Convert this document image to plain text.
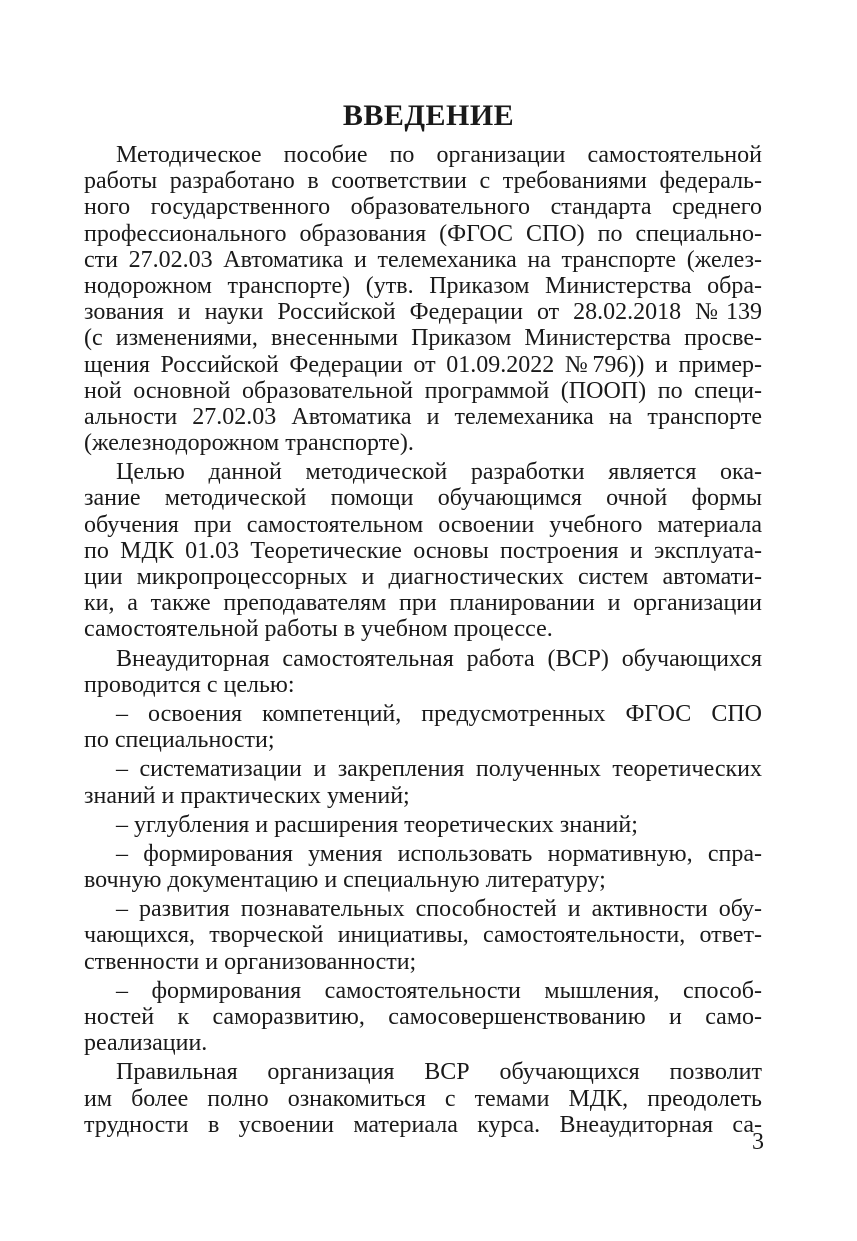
ВВЕДЕНИЕ
Методическое пособие по организации самостоятельной
работы разработано в соответствии с требованиями федераль-
ного государственного образовательного стандарта среднего
профессионального образования (ФГОС СПО) по специально-
сти 27.02.03 Автоматика и телемеханика на транспорте (желез-
нодорожном транспорте) (утв. Приказом Министерства обра-
зования и науки Российской Федерации от 28.02.2018 №139
(с изменениями, внесенными Приказом Министерства просве-
щения Российской Федерации от 01.09.2022 №796)) и пример-
ной основной образовательной программой (ПООП) по специ-
альности 27.02.03 Автоматика и телемеханика на транспорте
(железнодорожном транспорте).
Целью данной методической разработки является ока-
зание методической помощи обучающимся очной формы
обучения при самостоятельном освоении учебного материала
по МДК 01.03 Теоретические основы построения и эксплуата-
ции микропроцессорных и диагностических систем автомати-
ки, а также преподавателям при планировании и организации
самостоятельной работы в учебном процессе.
Внеаудиторная самостоятельная работа (ВСР) обучающихся
проводится с целью:
– освоения компетенций, предусмотренных ФГОС СПО
по специальности;
– систематизации и закрепления полученных теоретических
знаний и практических умений;
– углубления и расширения теоретических знаний;
– формирования умения использовать нормативную, спра-
вочную документацию и специальную литературу;
– развития познавательных способностей и активности обу-
чающихся, творческой инициативы, самостоятельности, ответ-
ственности и организованности;
– формирования самостоятельности мышления, способ-
ностей к саморазвитию, самосовершенствованию и само-
реализации.
Правильная организация ВСР обучающихся позволит
им более полно ознакомиться с темами МДК, преодолеть
трудности в усвоении материала курса. Внеаудиторная са-
3
